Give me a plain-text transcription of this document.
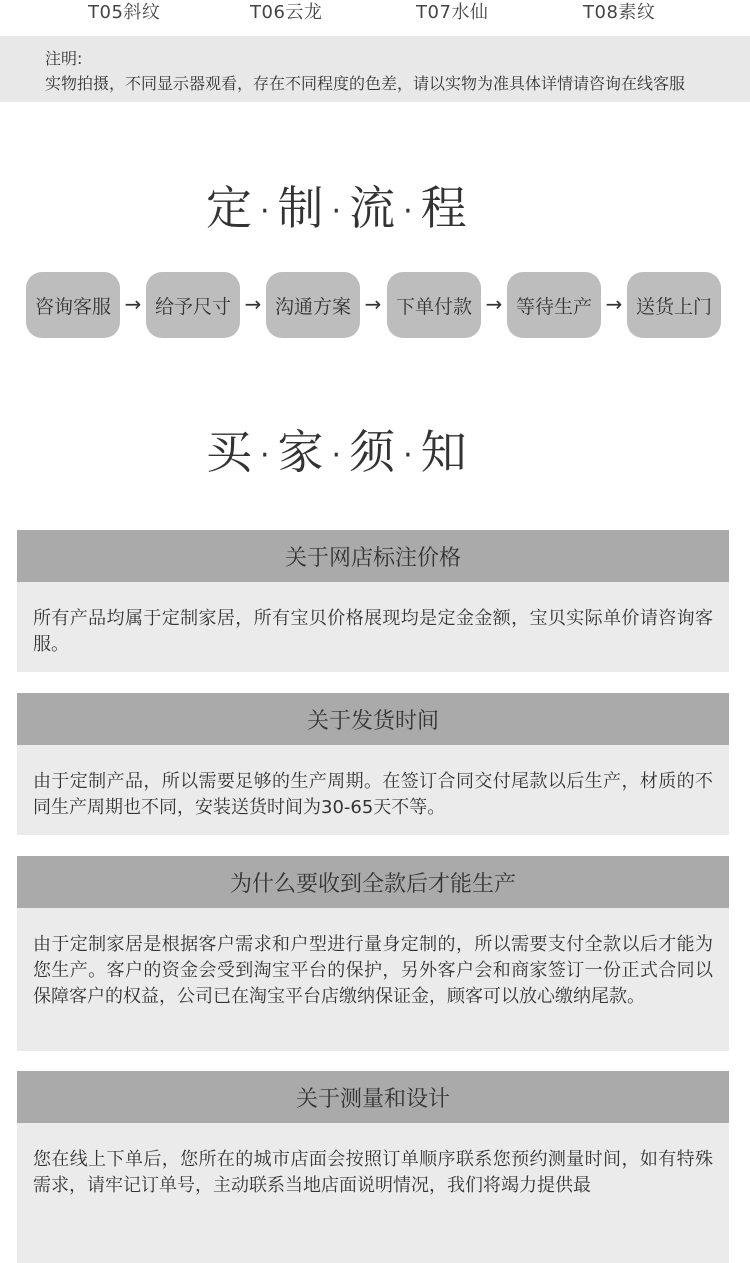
T05斜纹	T06云龙	T07水仙	T08素纹
注明:
实物拍摄，不同显示器观看，存在不同程度的色差，请以实物为准具体详情请咨询在线客服
定 · 制 · 流 · 程
咨询客服 → 给予尺寸 → 沟通方案 → 下单付款 → 等待生产 → 送货上门
买 · 家 · 须 · 知
关于网店标注价格
所有产品均属于定制家居，所有宝贝价格展现均是定金金额，宝贝实际单价请咨询客服。
关于发货时间
由于定制产品，所以需要足够的生产周期。在签订合同交付尾款以后生产，材质的不同生产周期也不同，安装送货时间为30-65天不等。
为什么要收到全款后才能生产
由于定制家居是根据客户需求和户型进行量身定制的，所以需要支付全款以后才能为您生产。客户的资金会受到淘宝平台的保护，另外客户会和商家签订一份正式合同以保障客户的权益，公司已在淘宝平台店缴纳保证金，顾客可以放心缴纳尾款。
关于测量和设计
您在线上下单后，您所在的城市店面会按照订单顺序联系您预约测量时间，如有特殊需求，请牢记订单号，主动联系当地店面说明情况，我们将竭力提供最
